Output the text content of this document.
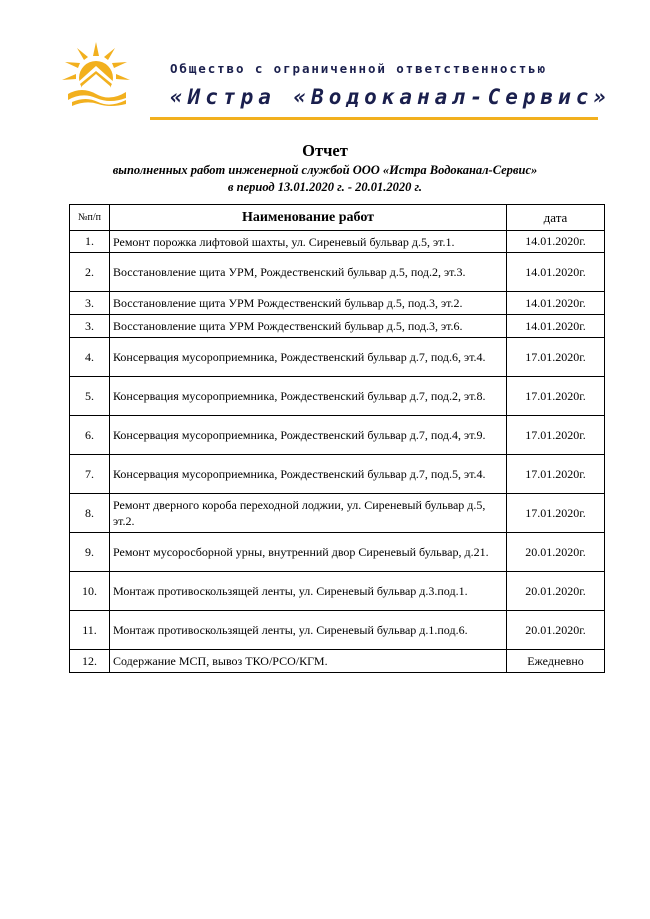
Общество с ограниченной ответственностью
«Истра «Водоканал-Сервис»
Отчет
выполненных работ инженерной службой ООО «Истра Водоканал-Сервис»
в период 13.01.2020 г. - 20.01.2020 г.
№п/п	Наименование работ	дата
1.	Ремонт порожка лифтовой шахты, ул. Сиреневый бульвар д.5, эт.1.	14.01.2020г.
2.	Восстановление щита УРМ, Рождественский бульвар д.5, под.2, эт.3.	14.01.2020г.
3.	Восстановление щита УРМ Рождественский бульвар д.5, под.3, эт.2.	14.01.2020г.
3.	Восстановление щита УРМ Рождественский бульвар д.5, под.3, эт.6.	14.01.2020г.
4.	Консервация мусороприемника, Рождественский бульвар д.7, под.6, эт.4.	17.01.2020г.
5.	Консервация мусороприемника, Рождественский бульвар д.7, под.2, эт.8.	17.01.2020г.
6.	Консервация мусороприемника, Рождественский бульвар д.7, под.4, эт.9.	17.01.2020г.
7.	Консервация мусороприемника, Рождественский бульвар д.7, под.5, эт.4.	17.01.2020г.
8.	Ремонт дверного короба переходной лоджии, ул. Сиреневый бульвар д.5, эт.2.	17.01.2020г.
9.	Ремонт мусоросборной урны, внутренний двор Сиреневый бульвар, д.21.	20.01.2020г.
10.	Монтаж противоскользящей ленты, ул. Сиреневый бульвар д.3.под.1.	20.01.2020г.
11.	Монтаж противоскользящей ленты, ул. Сиреневый бульвар д.1.под.6.	20.01.2020г.
12.	Содержание МСП, вывоз ТКО/РСО/КГМ.	Ежедневно
